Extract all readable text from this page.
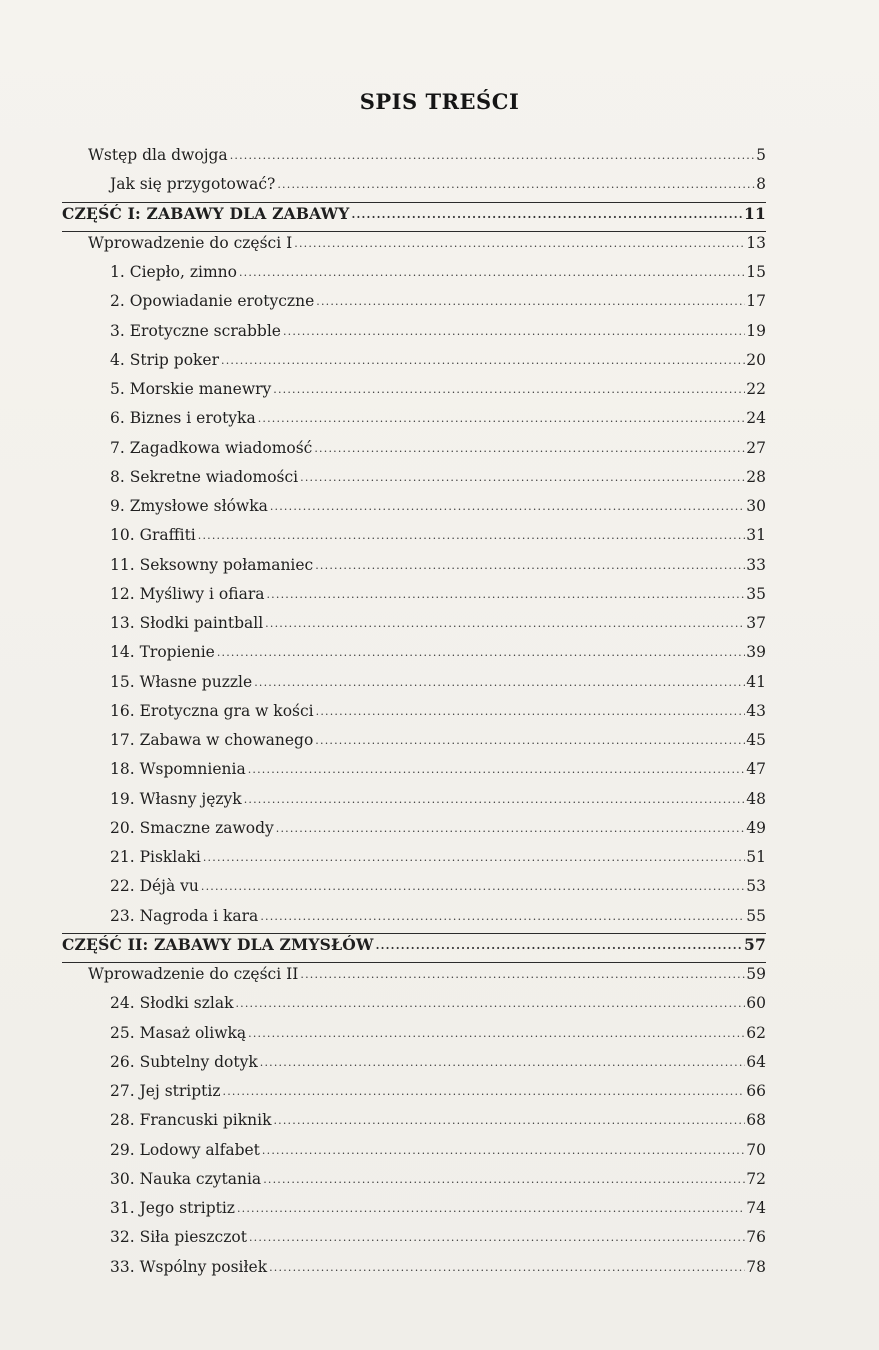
SPIS TREŚCI
Wstęp dla dwojga .....	5
Jak się przygotować? .....	8
CZĘŚĆ I: ZABAWY DLA ZABAWY .....	11
Wprowadzenie do części I .....	13
1. Ciepło, zimno .....	15
2. Opowiadanie erotyczne .....	17
3. Erotyczne scrabble .....	19
4. Strip poker .....	20
5. Morskie manewry .....	22
6. Biznes i erotyka .....	24
7. Zagadkowa wiadomość .....	27
8. Sekretne wiadomości .....	28
9. Zmysłowe słówka .....	30
10. Graffiti .....	31
11. Seksowny połamaniec .....	33
12. Myśliwy i ofiara .....	35
13. Słodki paintball .....	37
14. Tropienie .....	39
15. Własne puzzle .....	41
16. Erotyczna gra w kości .....	43
17. Zabawa w chowanego .....	45
18. Wspomnienia .....	47
19. Własny język .....	48
20. Smaczne zawody .....	49
21. Pisklaki .....	51
22. Déjà vu .....	53
23. Nagroda i kara .....	55
CZĘŚĆ II: ZABAWY DLA ZMYSŁÓW .....	57
Wprowadzenie do części II .....	59
24. Słodki szlak .....	60
25. Masaż oliwką .....	62
26. Subtelny dotyk .....	64
27. Jej striptiz .....	66
28. Francuski piknik .....	68
29. Lodowy alfabet .....	70
30. Nauka czytania .....	72
31. Jego striptiz .....	74
32. Siła pieszczot .....	76
33. Wspólny posiłek .....	78
